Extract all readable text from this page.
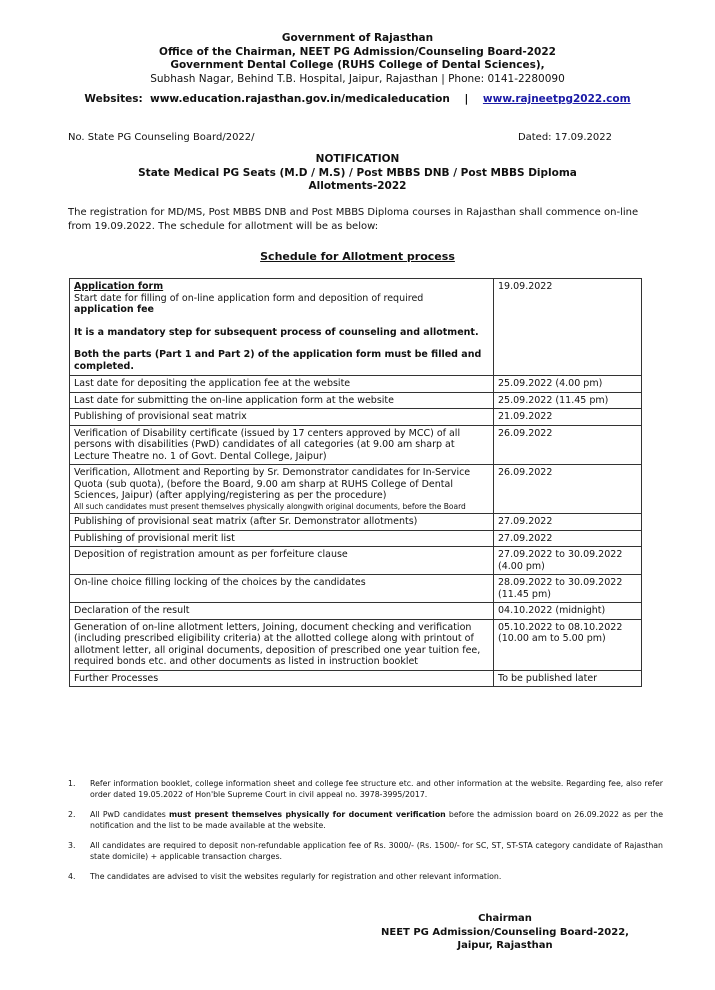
Government of Rajasthan
Office of the Chairman, NEET PG Admission/Counseling Board-2022
Government Dental College (RUHS College of Dental Sciences),
Subhash Nagar, Behind T.B. Hospital, Jaipur, Rajasthan | Phone: 0141-2280090
Websites: www.education.rajasthan.gov.in/medicaleducation | www.rajneetpg2022.com
No. State PG Counseling Board/2022/	Dated: 17.09.2022
NOTIFICATION
State Medical PG Seats (M.D / M.S) / Post MBBS DNB / Post MBBS Diploma
Allotments-2022
The registration for MD/MS, Post MBBS DNB and Post MBBS Diploma courses in Rajasthan shall commence on-line from 19.09.2022. The schedule for allotment will be as below:
Schedule for Allotment process
Application form
Start date for filling of on-line application form and deposition of required
application fee
It is a mandatory step for subsequent process of counseling and allotment.
Both the parts (Part 1 and Part 2) of the application form must be filled and completed.	19.09.2022
Last date for depositing the application fee at the website	25.09.2022 (4.00 pm)
Last date for submitting the on-line application form at the website	25.09.2022 (11.45 pm)
Publishing of provisional seat matrix	21.09.2022
Verification of Disability certificate (issued by 17 centers approved by MCC) of all persons with disabilities (PwD) candidates of all categories (at 9.00 am sharp at Lecture Theatre no. 1 of Govt. Dental College, Jaipur)	26.09.2022

Verification, Allotment and Reporting by Sr. Demonstrator candidates for In-Service Quota (sub quota), (before the Board, 9.00 am sharp at RUHS College of Dental Sciences, Jaipur) (after applying/registering as per the procedure)
All such candidates must present themselves physically alongwith original documents, before the Board	26.09.2022
Publishing of provisional seat matrix (after Sr. Demonstrator allotments)	27.09.2022
Publishing of provisional merit list	27.09.2022
Deposition of registration amount as per forfeiture clause	27.09.2022 to 30.09.2022 (4.00 pm)
On-line choice filling locking of the choices by the candidates	28.09.2022 to 30.09.2022 (11.45 pm)
Declaration of the result	04.10.2022 (midnight)
Generation of on-line allotment letters, Joining, document checking and verification (including prescribed eligibility criteria) at the allotted college along with printout of allotment letter, all original documents, deposition of prescribed one year tuition fee, required bonds etc. and other documents as listed in instruction booklet	05.10.2022 to 08.10.2022 (10.00 am to 5.00 pm)
Further Processes	To be published later
1.	Refer information booklet, college information sheet and college fee structure etc. and other information at the website. Regarding fee, also refer order dated 19.05.2022 of Hon'ble Supreme Court in civil appeal no. 3978-3995/2017.
2.	All PwD candidates must present themselves physically for document verification before the admission board on 26.09.2022 as per the notification and the list to be made available at the website.
3.	All candidates are required to deposit non-refundable application fee of Rs. 3000/- (Rs. 1500/- for SC, ST, ST-STA category candidate of Rajasthan state domicile) + applicable transaction charges.
4.	The candidates are advised to visit the websites regularly for registration and other relevant information.
Chairman
NEET PG Admission/Counseling Board-2022,
Jaipur, Rajasthan
